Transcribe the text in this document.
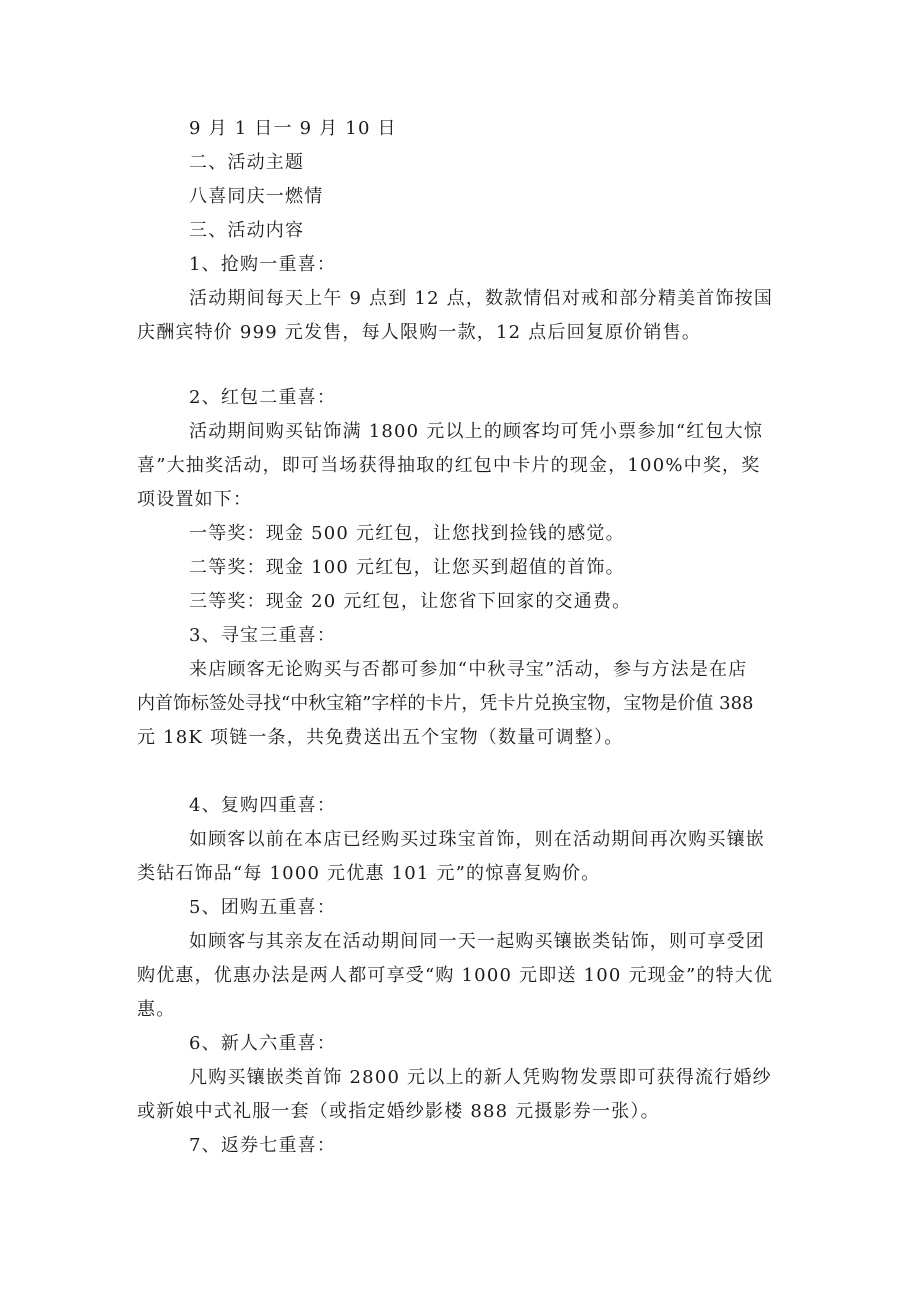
9 月 1 日一 9 月 10 日
二、活动主题
八喜同庆一燃情
三、活动内容
1、抢购一重喜：
活动期间每天上午 9 点到 12 点，数款情侣对戒和部分精美首饰按国
庆酬宾特价 999 元发售，每人限购一款，12 点后回复原价销售。
2、红包二重喜：
活动期间购买钻饰满 1800 元以上的顾客均可凭小票参加“红包大惊
喜”大抽奖活动，即可当场获得抽取的红包中卡片的现金，100%中奖，奖
项设置如下：
一等奖：现金 500 元红包，让您找到捡钱的感觉。
二等奖：现金 100 元红包，让您买到超值的首饰。
三等奖：现金 20 元红包，让您省下回家的交通费。
3、寻宝三重喜：
来店顾客无论购买与否都可参加“中秋寻宝”活动，参与方法是在店
内首饰标签处寻找“中秋宝箱”字样的卡片，凭卡片兑换宝物，宝物是价值 388
元 18K 项链一条，共免费送出五个宝物（数量可调整）。
4、复购四重喜：
如顾客以前在本店已经购买过珠宝首饰，则在活动期间再次购买镶嵌
类钻石饰品“每 1000 元优惠 101 元”的惊喜复购价。
5、团购五重喜：
如顾客与其亲友在活动期间同一天一起购买镶嵌类钻饰，则可享受团
购优惠，优惠办法是两人都可享受“购 1000 元即送 100 元现金”的特大优
惠。
6、新人六重喜：
凡购买镶嵌类首饰 2800 元以上的新人凭购物发票即可获得流行婚纱
或新娘中式礼服一套（或指定婚纱影楼 888 元摄影券一张）。
7、返券七重喜：
